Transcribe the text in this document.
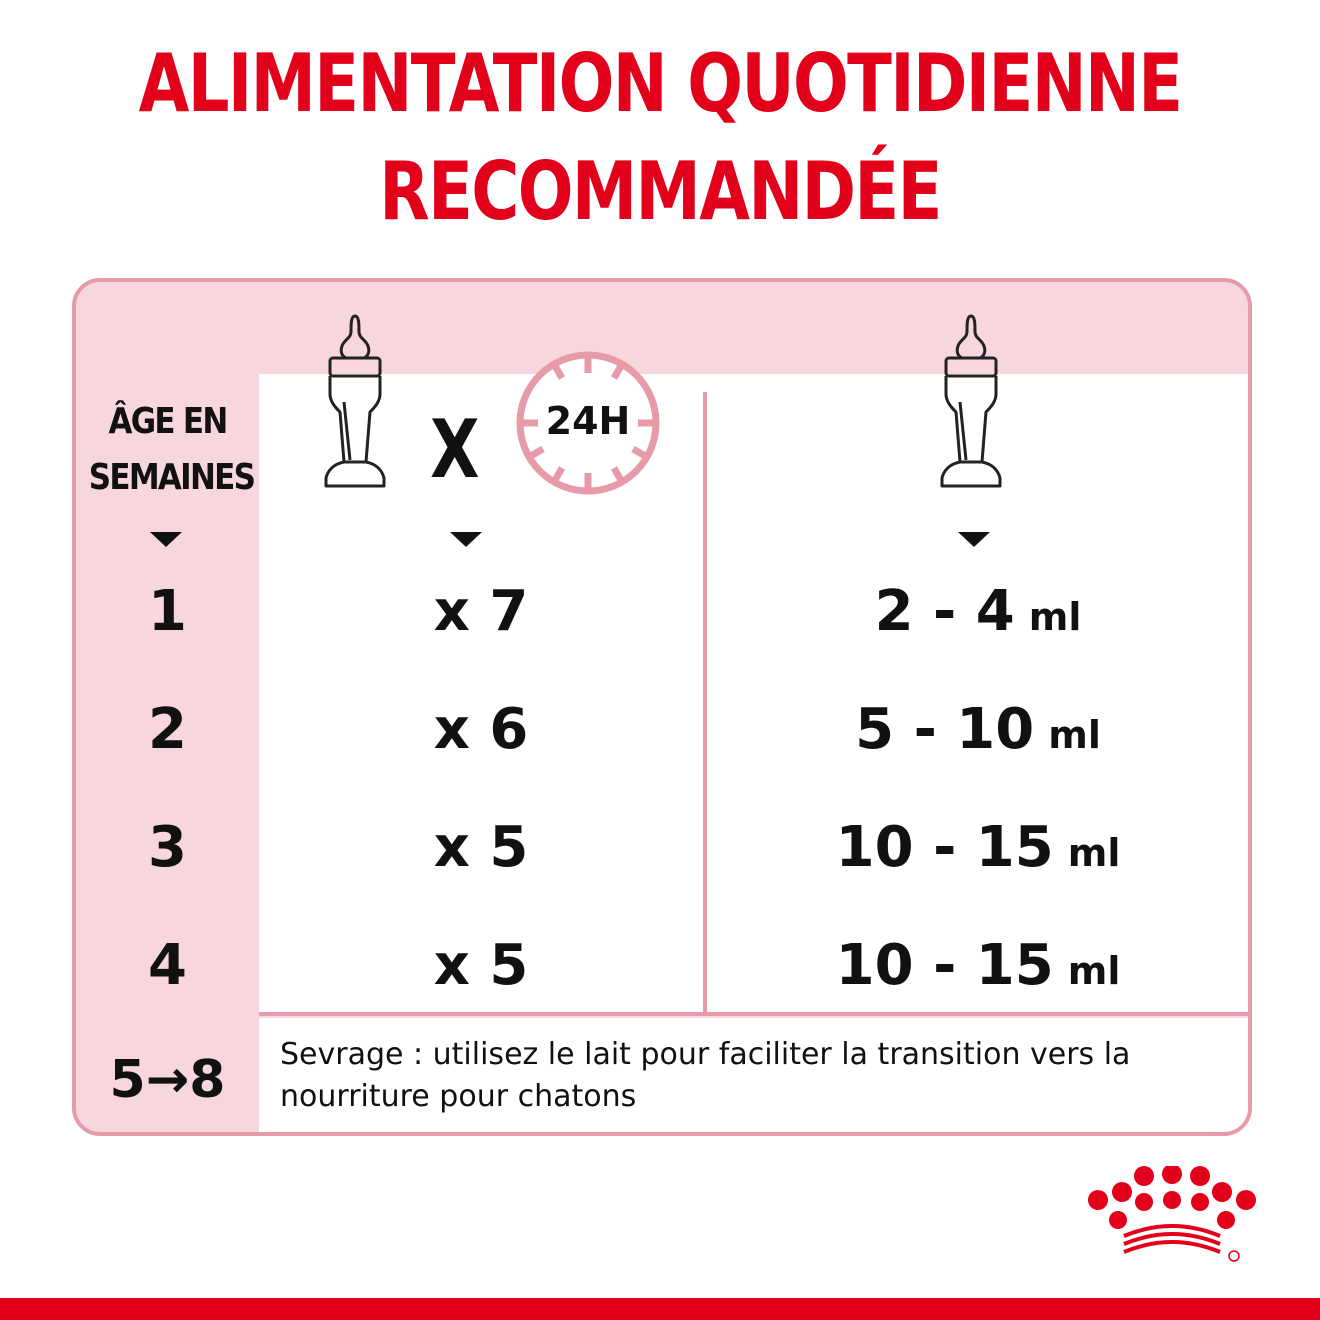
ALIMENTATION QUOTIDIENNE
RECOMMANDÉE
ÂGE EN
SEMAINES X	24H
1	x 7	2 - 4 ml
2	x 6	5 - 10 ml
3	x 5	10 - 15 ml
4	x 5	10 - 15 ml
5→8	Sevrage : utilisez le lait pour faciliter la transition vers la nourriture pour chatons
